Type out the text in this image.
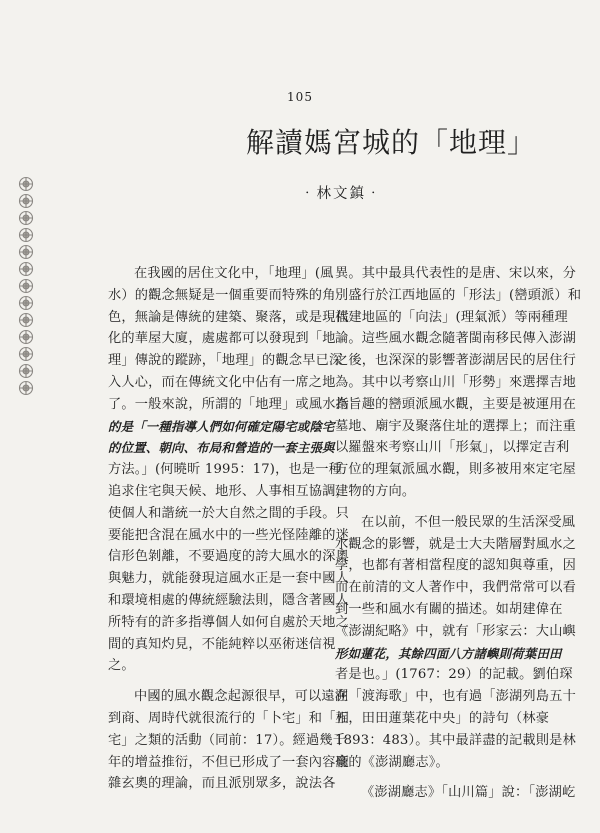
105
解讀媽宮城的「地理」
‧林文鎮‧
在我國的居住文化中，「地理」(風
水）的觀念無疑是一個重要而特殊的角
色，無論是傳統的建築、聚落，或是現代
化的華屋大廈，處處都可以發現到「地
理」傳說的蹤跡，「地理」的觀念早已深
入人心，而在傳統文化中佔有一席之地
了。一般來說，所謂的「地理」或風水指
的是「一種指導人們如何確定陽宅或陰宅
的位置、朝向、布局和營造的一套主張與
方法。」(何曉昕 1995：17)，也是一種
追求住宅與天候、地形、人事相互協調，
使個人和諧統一於大自然之間的手段。只
要能把含混在風水中的一些光怪陸離的迷
信形色剝離，不要過度的誇大風水的深奧
與魅力，就能發現這風水正是一套中國人
和環境相處的傳統經驗法則，隱含著國人
所特有的許多指導個人如何自處於天地之
間的真知灼見，不能純粹以巫術迷信視
之。
中國的風水觀念起源很早，可以遠溯
到商、周時代就很流行的「卜宅」和「相
宅」之類的活動（同前：17）。經過幾千
年的增益推衍，不但已形成了一套內容龐
雜玄奧的理論，而且派別眾多，說法各
異。其中最具代表性的是唐、宋以來，分
別盛行於江西地區的「形法」(巒頭派）和
福建地區的「向法」(理氣派）等兩種理
論。這些風水觀念隨著閩南移民傳入澎湖
之後，也深深的影響著澎湖居民的居住行
為。其中以考察山川「形勢」來選擇吉地
為旨趣的巒頭派風水觀，主要是被運用在
墓地、廟宇及聚落住址的選擇上；而注重
以羅盤來考察山川「形氣」，以擇定吉利
方位的理氣派風水觀，則多被用來定宅屋
建物的方向。
在以前，不但一般民眾的生活深受風
水觀念的影響，就是士大夫階層對風水之
學，也都有著相當程度的認知與尊重，因
而在前清的文人著作中，我們常常可以看
到一些和風水有關的描述。如胡建偉在
《澎湖紀略》中，就有「形家云：大山嶼
形如蓮花，其餘四面八方諸嶼則荷葉田田
者是也。」(1767：29）的記載。劉伯琛
在「渡海歌」中，也有過「澎湖列島五十
五，田田蓮葉花中央」的詩句（林豪
1893：483）。其中最詳盡的記載則是林
豪的《澎湖廳志》。
《澎湖廳志》「山川篇」說：「澎湖屹
